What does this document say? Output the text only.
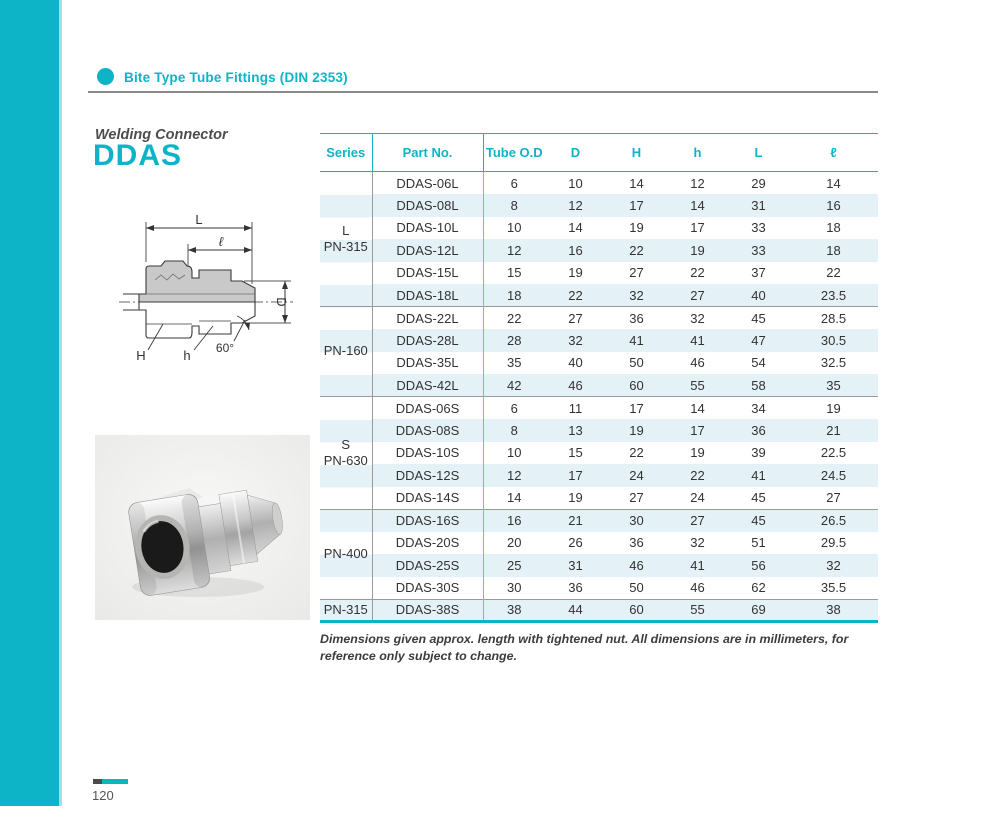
Bite Type Tube Fittings (DIN 2353)
Welding Connector
DDAS
L
ℓ
D
60°
H	h
Series	Part No.	Tube O.D	D	H	h	L	ℓ
L
PN-315	DDAS-06L	6	10	14	12	29	14
	DDAS-08L	8	12	17	14	31	16
	DDAS-10L	10	14	19	17	33	18
	DDAS-12L	12	16	22	19	33	18
	DDAS-15L	15	19	27	22	37	22
	DDAS-18L	18	22	32	27	40	23.5
PN-160	DDAS-22L	22	27	36	32	45	28.5
	DDAS-28L	28	32	41	41	47	30.5
	DDAS-35L	35	40	50	46	54	32.5
	DDAS-42L	42	46	60	55	58	35
S
PN-630	DDAS-06S	6	11	17	14	34	19
	DDAS-08S	8	13	19	17	36	21
	DDAS-10S	10	15	22	19	39	22.5
	DDAS-12S	12	17	24	22	41	24.5
	DDAS-14S	14	19	27	24	45	27
PN-400	DDAS-16S	16	21	30	27	45	26.5
	DDAS-20S	20	26	36	32	51	29.5
	DDAS-25S	25	31	46	41	56	32
	DDAS-30S	30	36	50	46	62	35.5
PN-315	DDAS-38S	38	44	60	55	69	38
Dimensions given approx. length with tightened nut. All dimensions are in millimeters, for reference only subject to change.
120
